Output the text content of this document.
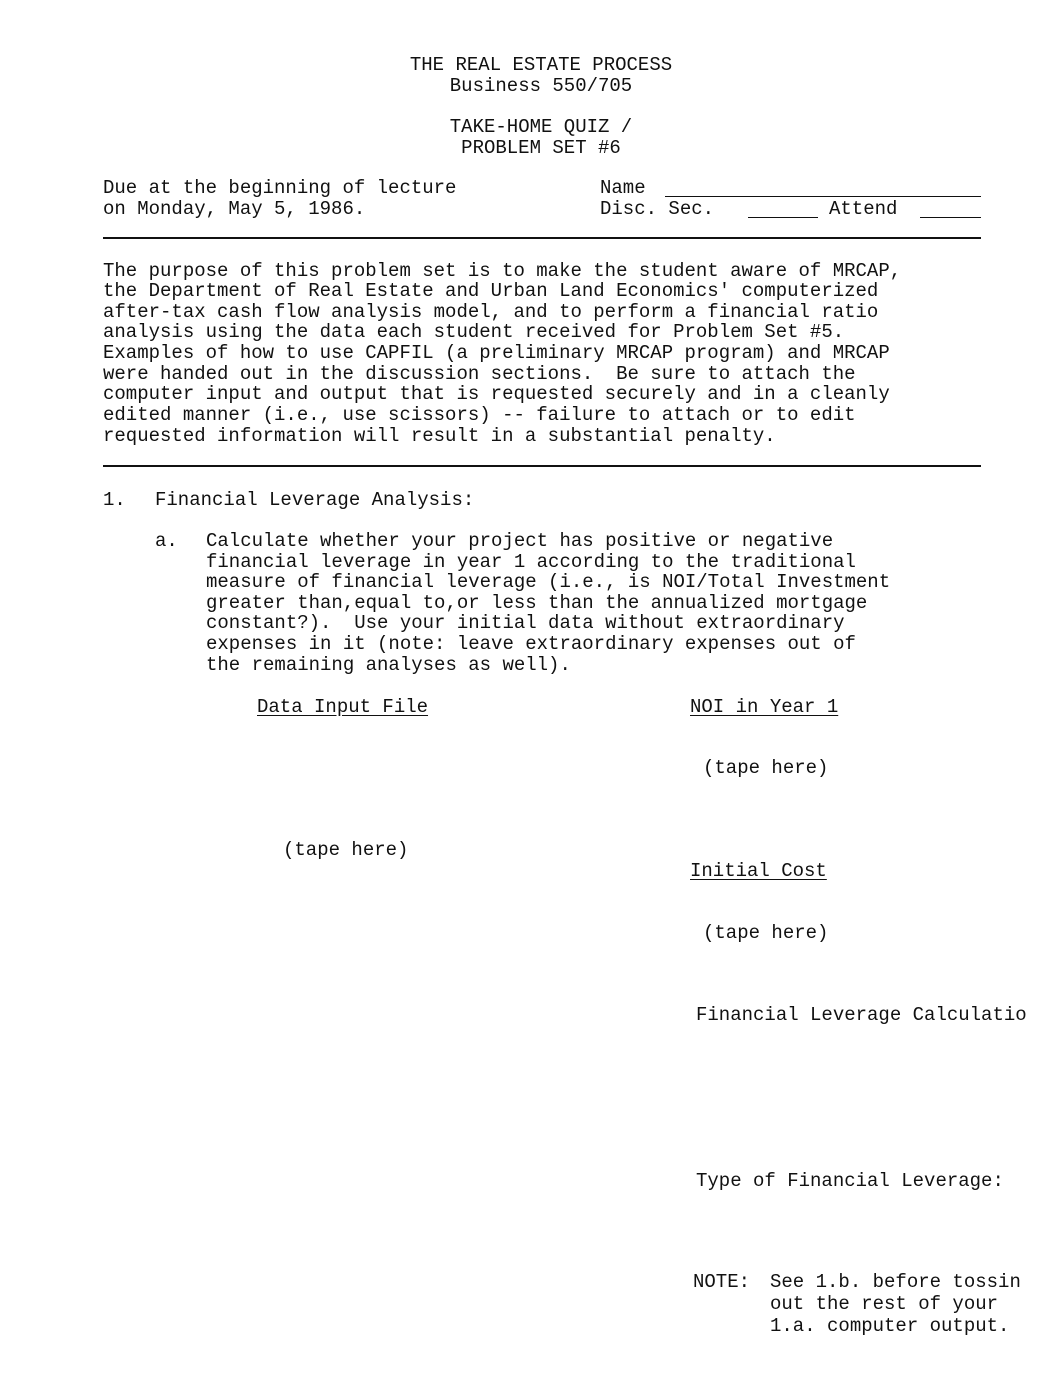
THE REAL ESTATE PROCESS
Business 550/705
TAKE-HOME QUIZ /
PROBLEM SET #6
Due at the beginning of lecture
on Monday, May 5, 1986.
Name
Disc. Sec.	Attend
The purpose of this problem set is to make the student aware of MRCAP,
the Department of Real Estate and Urban Land Economics' computerized
after-tax cash flow analysis model, and to perform a financial ratio
analysis using the data each student received for Problem Set #5.
Examples of how to use CAPFIL (a preliminary MRCAP program) and MRCAP
were handed out in the discussion sections.  Be sure to attach the
computer input and output that is requested securely and in a cleanly
edited manner (i.e., use scissors) -- failure to attach or to edit
requested information will result in a substantial penalty.
1. Financial Leverage Analysis:
a. Calculate whether your project has positive or negative
financial leverage in year 1 according to the traditional
measure of financial leverage (i.e., is NOI/Total Investment
greater than,equal to,or less than the annualized mortgage
constant?).  Use your initial data without extraordinary
expenses in it (note: leave extraordinary expenses out of
the remaining analyses as well).
Data Input File	NOI in Year 1
(tape here)
(tape here)
Initial Cost
(tape here)
Financial Leverage Calculatio
Type of Financial Leverage:
NOTE: See 1.b. before tossin
out the rest of your
1.a. computer output.
